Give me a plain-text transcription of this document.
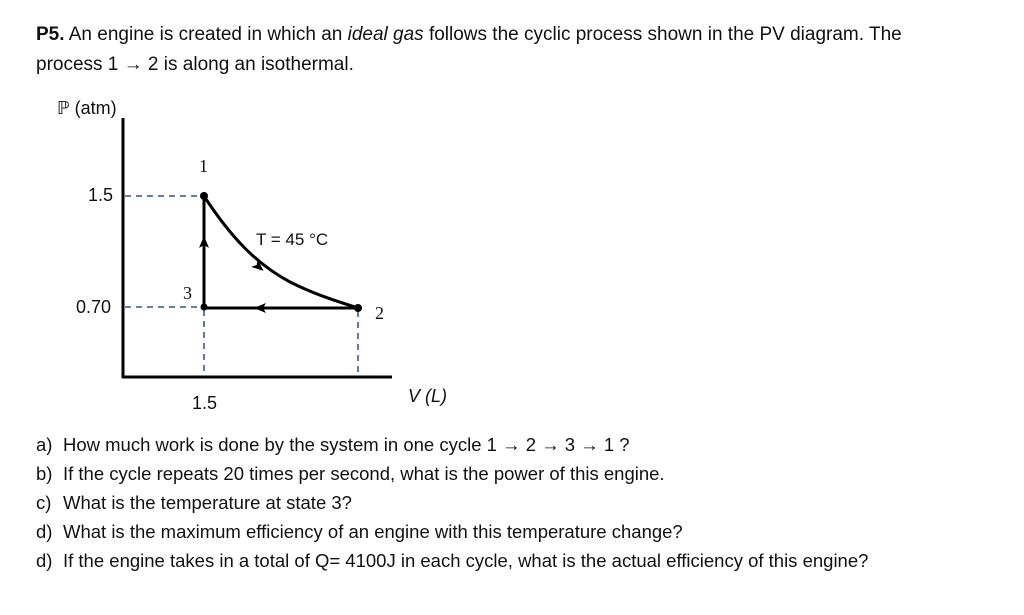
P5. An engine is created in which an ideal gas follows the cyclic process shown in the PV diagram. The
process 1 → 2 is along an isothermal.
ℙ (atm)
V (L)
1.5
0.70
1.5
1
2
3
T = 45 °C
a) How much work is done by the system in one cycle 1 → 2 → 3 → 1 ?
b) If the cycle repeats 20 times per second, what is the power of this engine.
c) What is the temperature at state 3?
d) What is the maximum efficiency of an engine with this temperature change?
d) If the engine takes in a total of Q= 4100J in each cycle, what is the actual efficiency of this engine?
